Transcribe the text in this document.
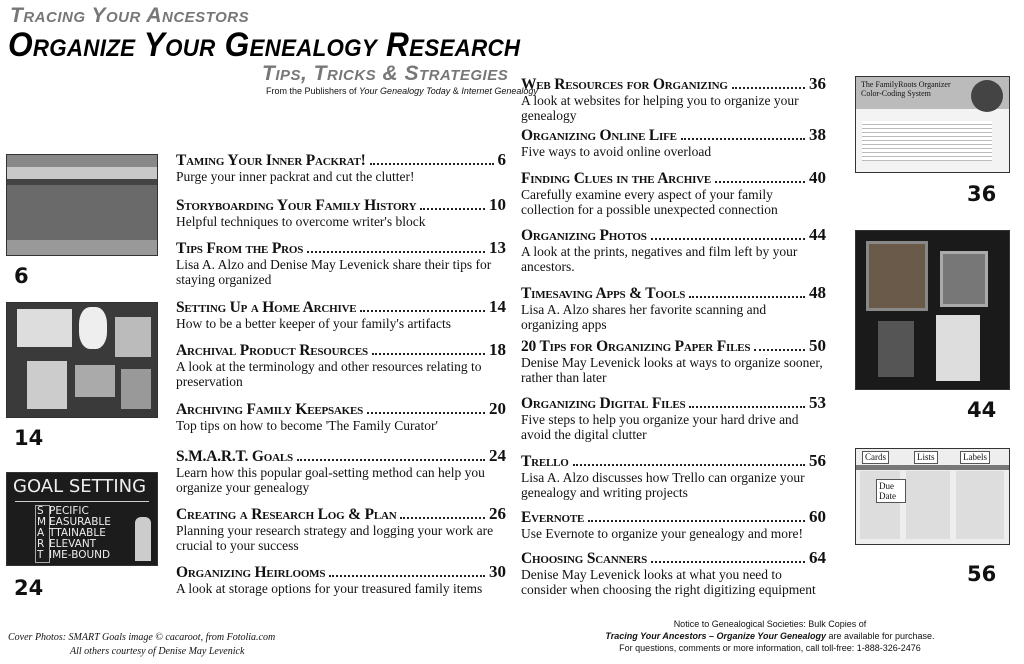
Tracing Your Ancestors
Organize Your Genealogy Research
Tips, Tricks & Strategies
From the Publishers of Your Genealogy Today & Internet Genealogy
6
14
GOAL SETTING
S PECIFIC
M EASURABLE
A TTAINABLE
R ELEVANT
T IME-BOUND
24
Taming Your Inner Packrat!	6
Purge your inner packrat and cut the clutter!
Storyboarding Your Family History	10
Helpful techniques to overcome writer's block
Tips From the Pros	13
Lisa A. Alzo and Denise May Levenick share their tips for staying organized
Setting Up a Home Archive	14
How to be a better keeper of your family's artifacts
Archival Product Resources	18
A look at the terminology and other resources relating to preservation
Archiving Family Keepsakes	20
Top tips on how to become 'The Family Curator'
S.M.A.R.T. Goals	24
Learn how this popular goal-setting method can help you organize your genealogy
Creating a Research Log & Plan	26
Planning your research strategy and logging your work are crucial to your success
Organizing Heirlooms	30
A look at storage options for your treasured family items
Web Resources for Organizing	36
A look at websites for helping you to organize your genealogy
Organizing Online Life	38
Five ways to avoid online overload
Finding Clues in the Archive	40
Carefully examine every aspect of your family collection for a possible unexpected connection
Organizing Photos	44
A look at the prints, negatives and film left by your ancestors.
Timesaving Apps & Tools	48
Lisa A. Alzo shares her favorite scanning and organizing apps
20 Tips for Organizing Paper Files	50
Denise May Levenick looks at ways to organize sooner, rather than later
Organizing Digital Files	53
Five steps to help you organize your hard drive and avoid the digital clutter
Trello	56
Lisa A. Alzo discusses how Trello can organize your genealogy and writing projects
Evernote	60
Use Evernote to organize your genealogy and more!
Choosing Scanners	64
Denise May Levenick looks at what you need to consider when choosing the right digitizing equipment
The FamilyRoots Organizer Color-Coding System
36
44
Cards	Lists	Labels
Due Date
56
Cover Photos: SMART Goals image © cacaroot, from Fotolia.com
All others courtesy of Denise May Levenick
Notice to Genealogical Societies: Bulk Copies of
Tracing Your Ancestors – Organize Your Genealogy are available for purchase.
For questions, comments or more information, call toll-free: 1-888-326-2476
